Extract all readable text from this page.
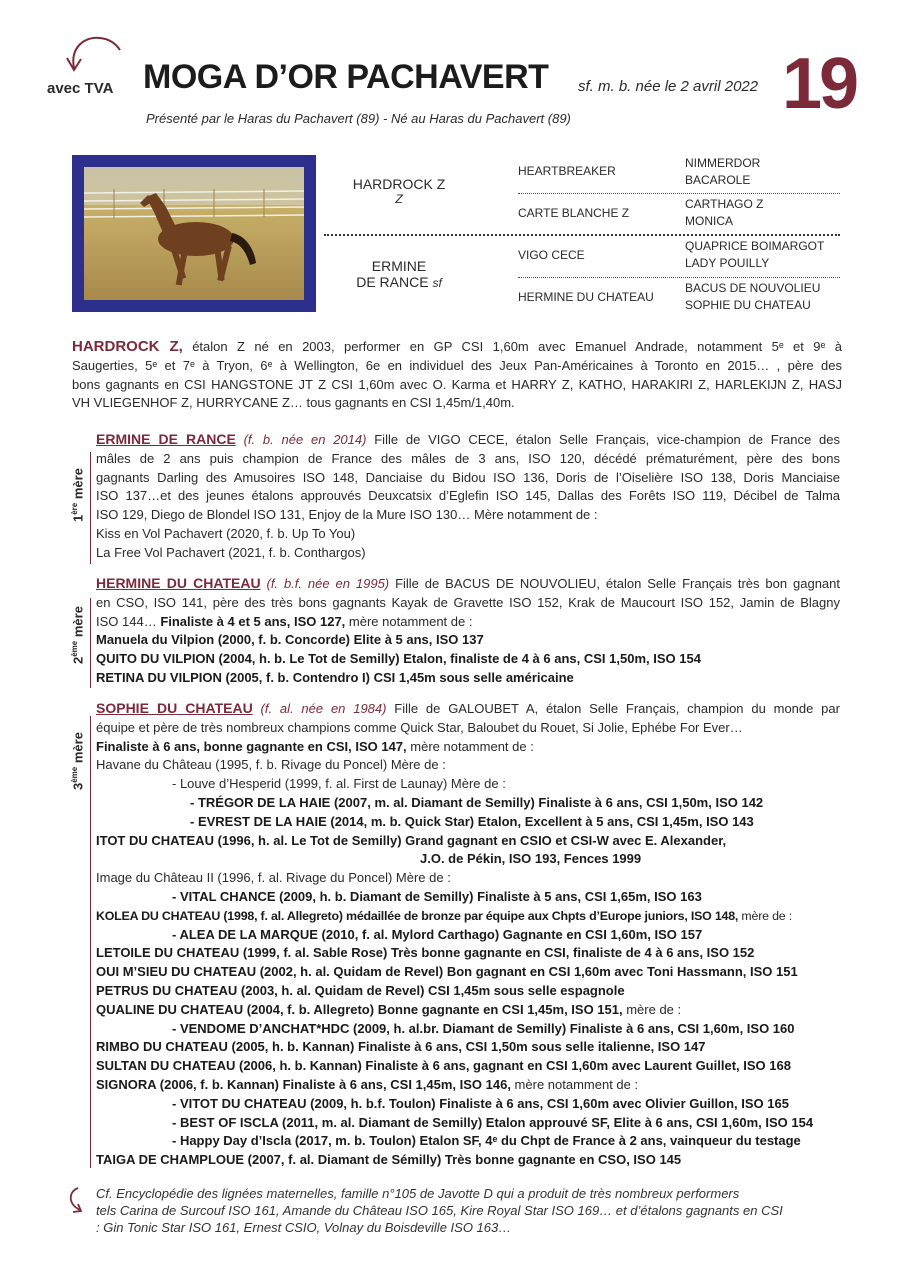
avec TVA MOGA D’OR PACHAVERT sf. m. b. née le 2 avril 2022 19
Présenté par le Haras du Pachavert (89) - Né au Haras du Pachavert (89)
HARDROCK Z
Z
ERMINE
DE RANCE sf
HEARTBREAKER
CARTE BLANCHE Z
VIGO CECE
HERMINE DU CHATEAU
NIMMERDOR
BACAROLE
CARTHAGO Z
MONICA
QUAPRICE BOIMARGOT
LADY POUILLY
BACUS DE NOUVOLIEU
SOPHIE DU CHATEAU
HARDROCK Z, étalon Z né en 2003, performer en GP CSI 1,60m avec Emanuel Andrade, notamment 5ᵉ et 9ᵉ à
Saugerties, 5ᵉ et 7ᵉ à Tryon, 6ᵉ à Wellington, 6e en individuel des Jeux Pan-Américaines à Toronto en 2015… , père des
bons gagnants en CSI HANGSTONE JT Z CSI 1,60m avec O. Karma et HARRY Z, KATHO, HARAKIRI Z, HARLEKIJN Z, HASJ
VH VLIEGENHOF Z, HURRYCANE Z… tous gagnants en CSI 1,45m/1,40m.
1ère mère
ERMINE DE RANCE (f. b. née en 2014) Fille de VIGO CECE, étalon Selle Français, vice-champion de France des
mâles de 2 ans puis champion de France des mâles de 3 ans, ISO 120, décédé prématurément, père des bons
gagnants Darling des Amusoires ISO 148, Danciaise du Bidou ISO 136, Doris de l’Oiselière ISO 138, Doris Manciaise
ISO 137…et des jeunes étalons approuvés Deuxcatsix d’Eglefin ISO 145, Dallas des Forêts ISO 119, Décibel de Talma
ISO 129, Diego de Blondel ISO 131, Enjoy de la Mure ISO 130… Mère notamment de :
Kiss en Vol Pachavert (2020, f. b. Up To You)
La Free Vol Pachavert (2021, f. b. Conthargos)
2ème mère
HERMINE DU CHATEAU (f. b.f. née en 1995) Fille de BACUS DE NOUVOLIEU, étalon Selle Français très bon gagnant
en CSO, ISO 141, père des très bons gagnants Kayak de Gravette ISO 152, Krak de Maucourt ISO 152, Jamin de Blagny
ISO 144… Finaliste à 4 et 5 ans, ISO 127, mère notamment de :
Manuela du Vilpion (2000, f. b. Concorde) Elite à 5 ans, ISO 137
QUITO DU VILPION (2004, h. b. Le Tot de Semilly) Etalon, finaliste de 4 à 6 ans, CSI 1,50m, ISO 154
RETINA DU VILPION (2005, f. b. Contendro I) CSI 1,45m sous selle américaine
3ème mère
SOPHIE DU CHATEAU (f. al. née en 1984) Fille de GALOUBET A, étalon Selle Français, champion du monde par
équipe et père de très nombreux champions comme Quick Star, Baloubet du Rouet, Si Jolie, Ephébe For Ever…
Finaliste à 6 ans, bonne gagnante en CSI, ISO 147, mère notamment de :
Havane du Château (1995, f. b. Rivage du Poncel) Mère de :
- Louve d’Hesperid (1999, f. al. First de Launay) Mère de :
- TRÉGOR DE LA HAIE (2007, m. al. Diamant de Semilly) Finaliste à 6 ans, CSI 1,50m, ISO 142
- EVREST DE LA HAIE (2014, m. b. Quick Star) Etalon, Excellent à 5 ans, CSI 1,45m, ISO 143
ITOT DU CHATEAU (1996, h. al. Le Tot de Semilly) Grand gagnant en CSIO et CSI-W avec E. Alexander,
J.O. de Pékin, ISO 193, Fences 1999
Image du Château II (1996, f. al. Rivage du Poncel) Mère de :
- VITAL CHANCE (2009, h. b. Diamant de Semilly) Finaliste à 5 ans, CSI 1,65m, ISO 163
KOLEA DU CHATEAU (1998, f. al. Allegreto) médaillée de bronze par équipe aux Chpts d’Europe juniors, ISO 148, mère de :
- ALEA DE LA MARQUE (2010, f. al. Mylord Carthago) Gagnante en CSI 1,60m, ISO 157
LETOILE DU CHATEAU (1999, f. al. Sable Rose) Très bonne gagnante en CSI, finaliste de 4 à 6 ans, ISO 152
OUI M’SIEU DU CHATEAU (2002, h. al. Quidam de Revel) Bon gagnant en CSI 1,60m avec Toni Hassmann, ISO 151
PETRUS DU CHATEAU (2003, h. al. Quidam de Revel) CSI 1,45m sous selle espagnole
QUALINE DU CHATEAU (2004, f. b. Allegreto) Bonne gagnante en CSI 1,45m, ISO 151, mère de :
- VENDOME D’ANCHAT*HDC (2009, h. al.br. Diamant de Semilly) Finaliste à 6 ans, CSI 1,60m, ISO 160
RIMBO DU CHATEAU (2005, h. b. Kannan) Finaliste à 6 ans, CSI 1,50m sous selle italienne, ISO 147
SULTAN DU CHATEAU (2006, h. b. Kannan) Finaliste à 6 ans, gagnant en CSI 1,60m avec Laurent Guillet, ISO 168
SIGNORA (2006, f. b. Kannan) Finaliste à 6 ans, CSI 1,45m, ISO 146, mère notamment de :
- VITOT DU CHATEAU (2009, h. b.f. Toulon) Finaliste à 6 ans, CSI 1,60m avec Olivier Guillon, ISO 165
- BEST OF ISCLA (2011, m. al. Diamant de Semilly) Etalon approuvé SF, Elite à 6 ans, CSI 1,60m, ISO 154
- Happy Day d’Iscla (2017, m. b. Toulon) Etalon SF, 4ᵉ du Chpt de France à 2 ans, vainqueur du testage
TAIGA DE CHAMPLOUE (2007, f. al. Diamant de Sémilly) Très bonne gagnante en CSO, ISO 145
Cf. Encyclopédie des lignées maternelles, famille n°105 de Javotte D qui a produit de très nombreux performers
tels Carina de Surcouf ISO 161, Amande du Château ISO 165, Kire Royal Star ISO 169… et d’étalons gagnants en CSI
: Gin Tonic Star ISO 161, Ernest CSIO, Volnay du Boisdeville ISO 163…
